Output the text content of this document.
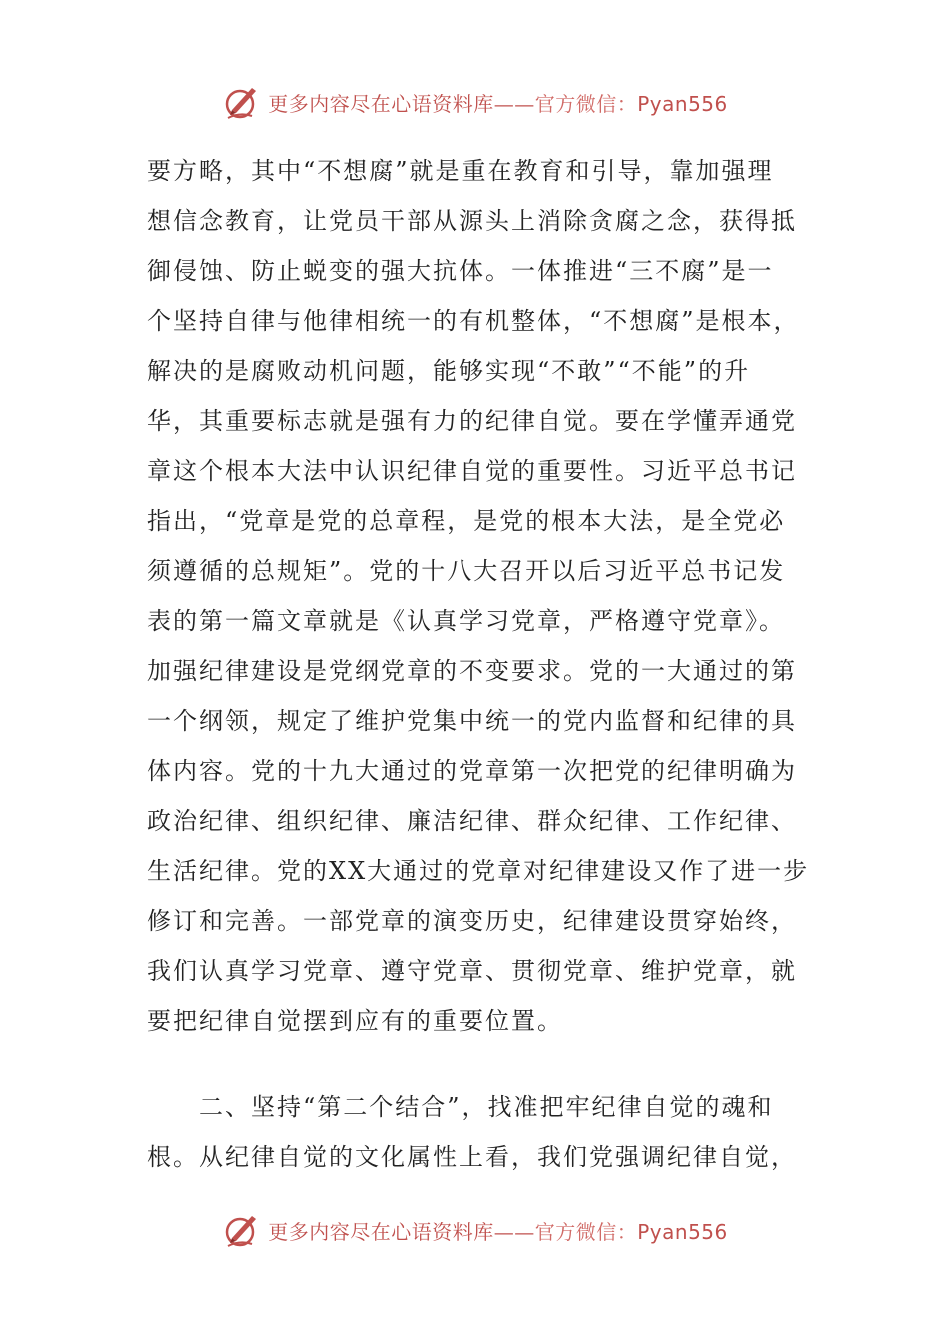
更多内容尽在心语资料库——官方微信：Pyan556
要方略，其中“不想腐”就是重在教育和引导，靠加强理
想信念教育，让党员干部从源头上消除贪腐之念，获得抵
御侵蚀、防止蜕变的强大抗体。一体推进“三不腐”是一
个坚持自律与他律相统一的有机整体，“不想腐”是根本，
解决的是腐败动机问题，能够实现“不敢”“不能”的升
华，其重要标志就是强有力的纪律自觉。要在学懂弄通党
章这个根本大法中认识纪律自觉的重要性。习近平总书记
指出，“党章是党的总章程，是党的根本大法，是全党必
须遵循的总规矩”。党的十八大召开以后习近平总书记发
表的第一篇文章就是《认真学习党章，严格遵守党章》。
加强纪律建设是党纲党章的不变要求。党的一大通过的第
一个纲领，规定了维护党集中统一的党内监督和纪律的具
体内容。党的十九大通过的党章第一次把党的纪律明确为
政治纪律、组织纪律、廉洁纪律、群众纪律、工作纪律、
生活纪律。党的XX大通过的党章对纪律建设又作了进一步
修订和完善。一部党章的演变历史，纪律建设贯穿始终，
我们认真学习党章、遵守党章、贯彻党章、维护党章，就
要把纪律自觉摆到应有的重要位置。
　　二、坚持“第二个结合”，找准把牢纪律自觉的魂和
根。从纪律自觉的文化属性上看，我们党强调纪律自觉，
更多内容尽在心语资料库——官方微信：Pyan556
